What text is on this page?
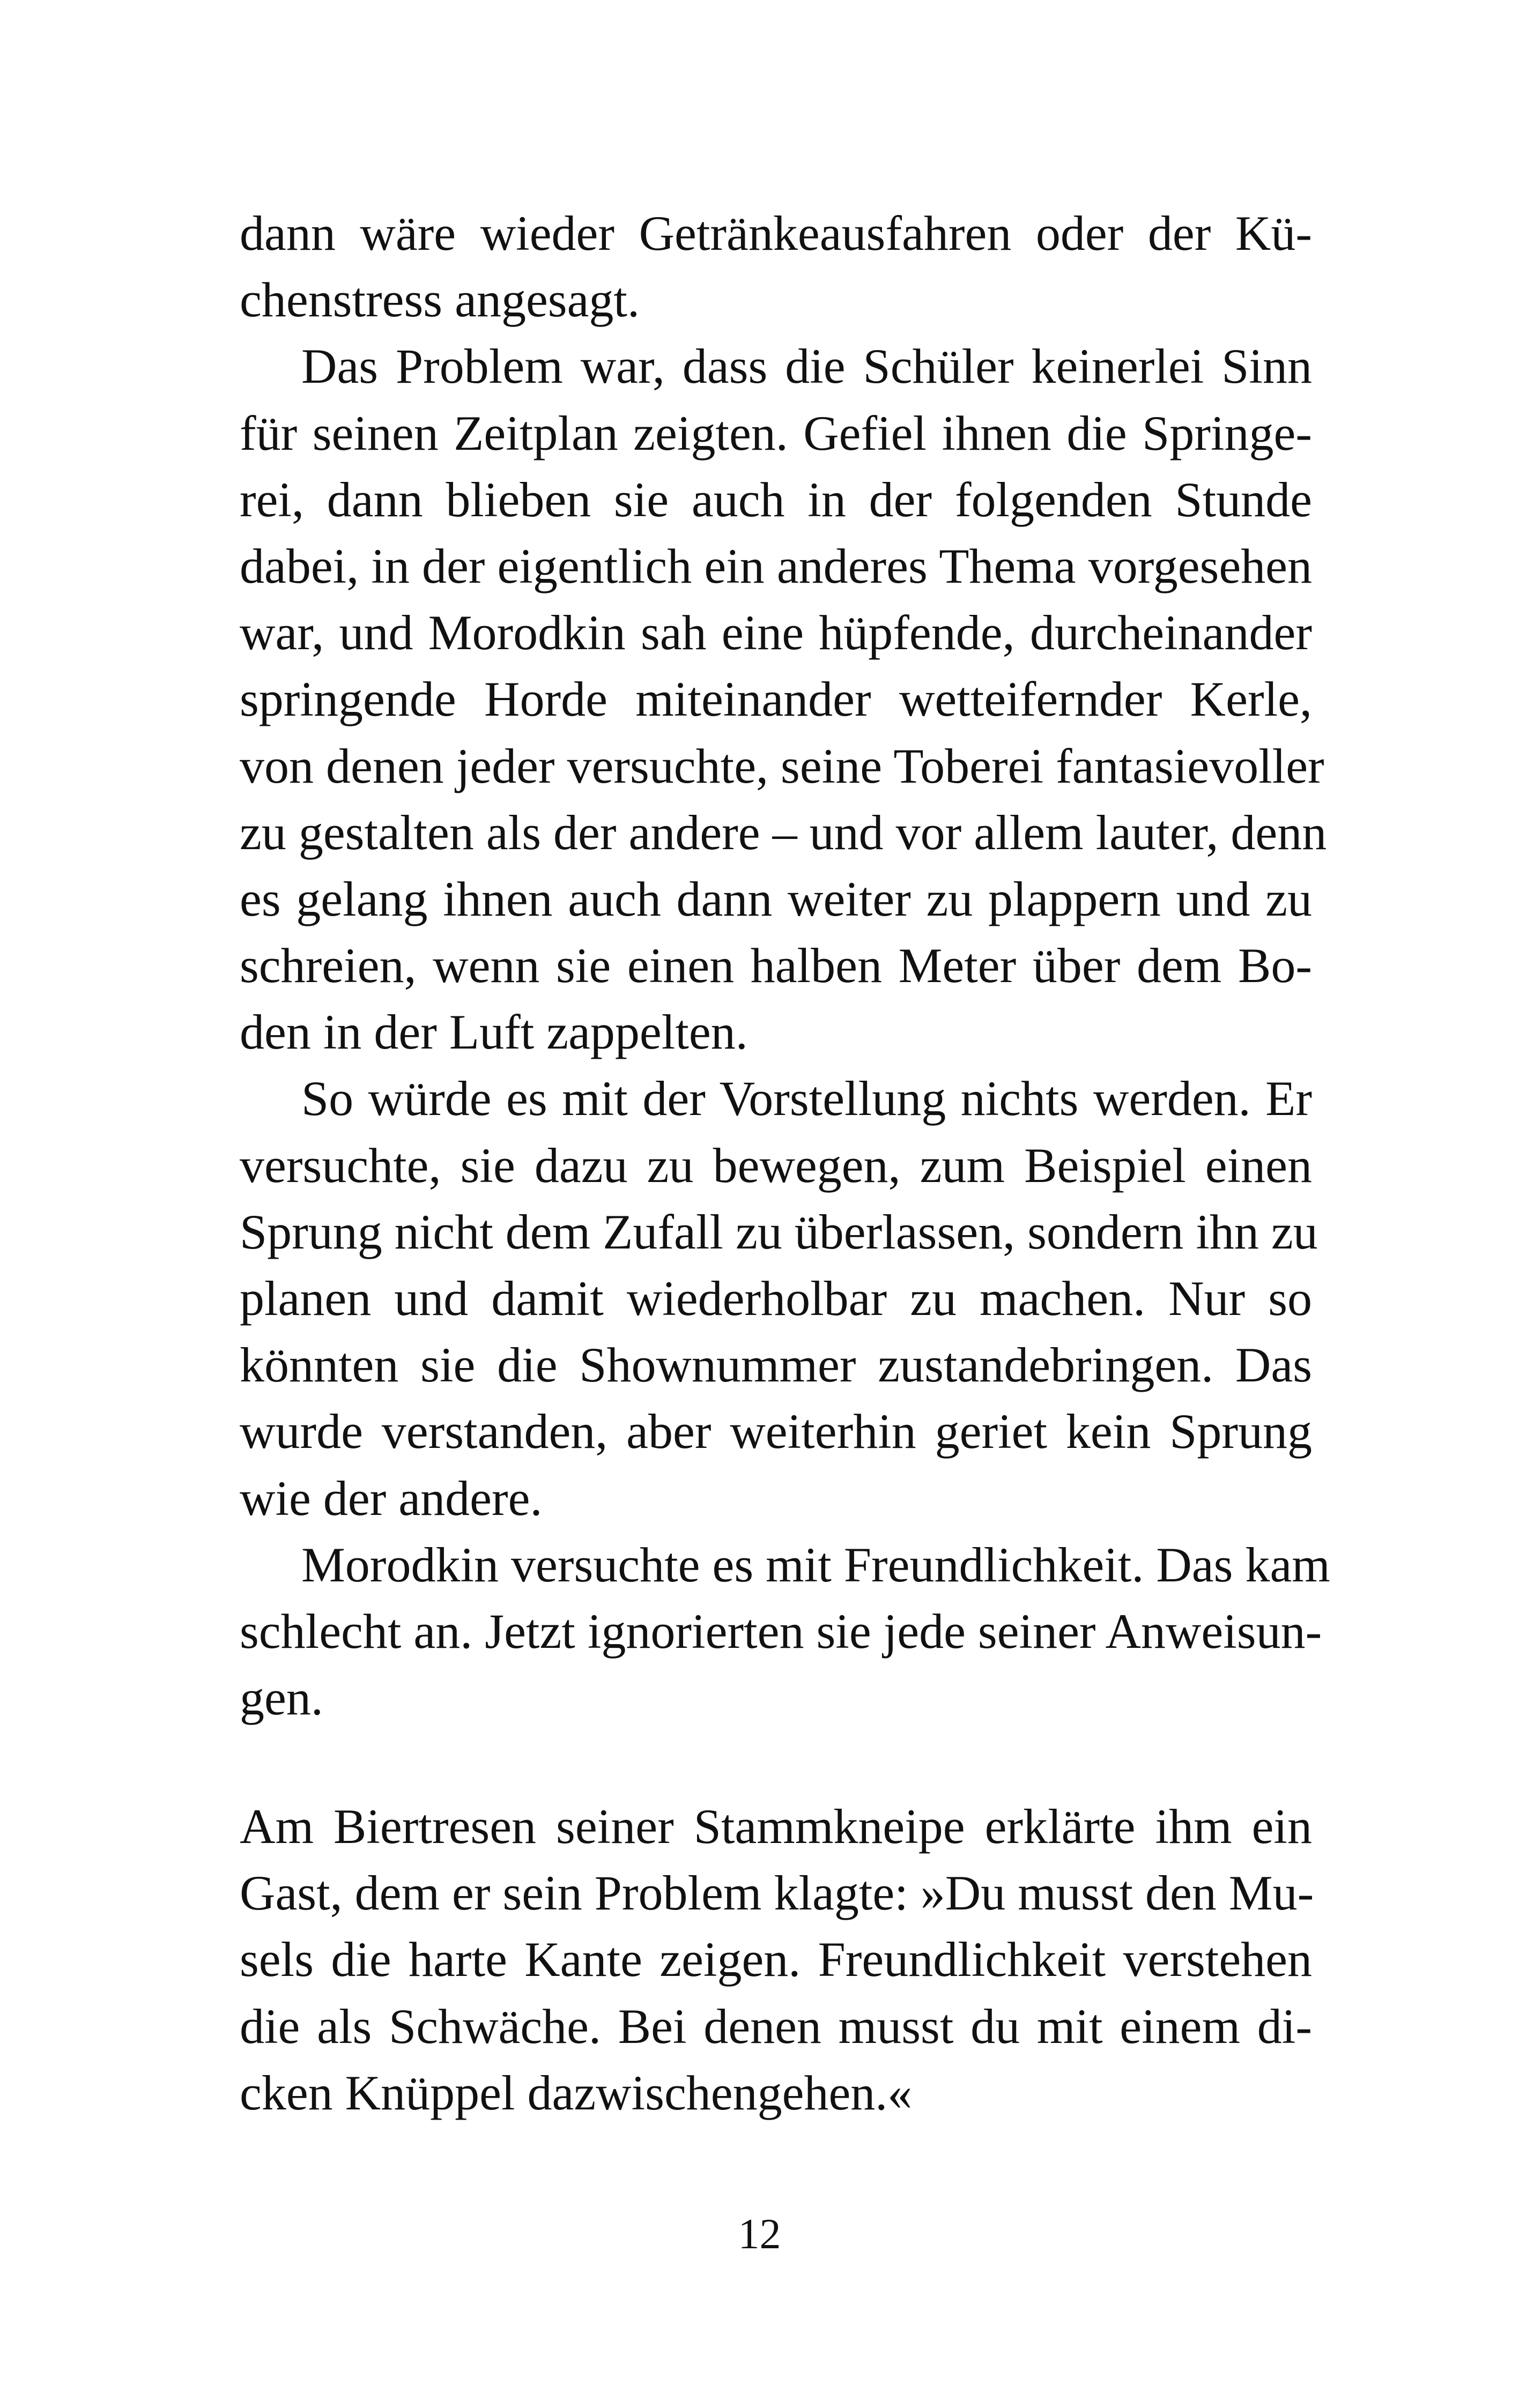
dann wäre wieder Getränkeausfahren oder der Kü-
chenstress angesagt.
Das Problem war, dass die Schüler keinerlei Sinn
für seinen Zeitplan zeigten. Gefiel ihnen die Springe-
rei, dann blieben sie auch in der folgenden Stunde
dabei, in der eigentlich ein anderes Thema vorgesehen
war, und Morodkin sah eine hüpfende, durcheinander
springende Horde miteinander wetteifernder Kerle,
von denen jeder versuchte, seine Toberei fantasievoller
zu gestalten als der andere – und vor allem lauter, denn
es gelang ihnen auch dann weiter zu plappern und zu
schreien, wenn sie einen halben Meter über dem Bo-
den in der Luft zappelten.
So würde es mit der Vorstellung nichts werden. Er
versuchte, sie dazu zu bewegen, zum Beispiel einen
Sprung nicht dem Zufall zu überlassen, sondern ihn zu
planen und damit wiederholbar zu machen. Nur so
könnten sie die Shownummer zustandebringen. Das
wurde verstanden, aber weiterhin geriet kein Sprung
wie der andere.
Morodkin versuchte es mit Freundlichkeit. Das kam
schlecht an. Jetzt ignorierten sie jede seiner Anweisun-
gen.
Am Biertresen seiner Stammkneipe erklärte ihm ein
Gast, dem er sein Problem klagte: »Du musst den Mu-
sels die harte Kante zeigen. Freundlichkeit verstehen
die als Schwäche. Bei denen musst du mit einem di-
cken Knüppel dazwischengehen.«
12
